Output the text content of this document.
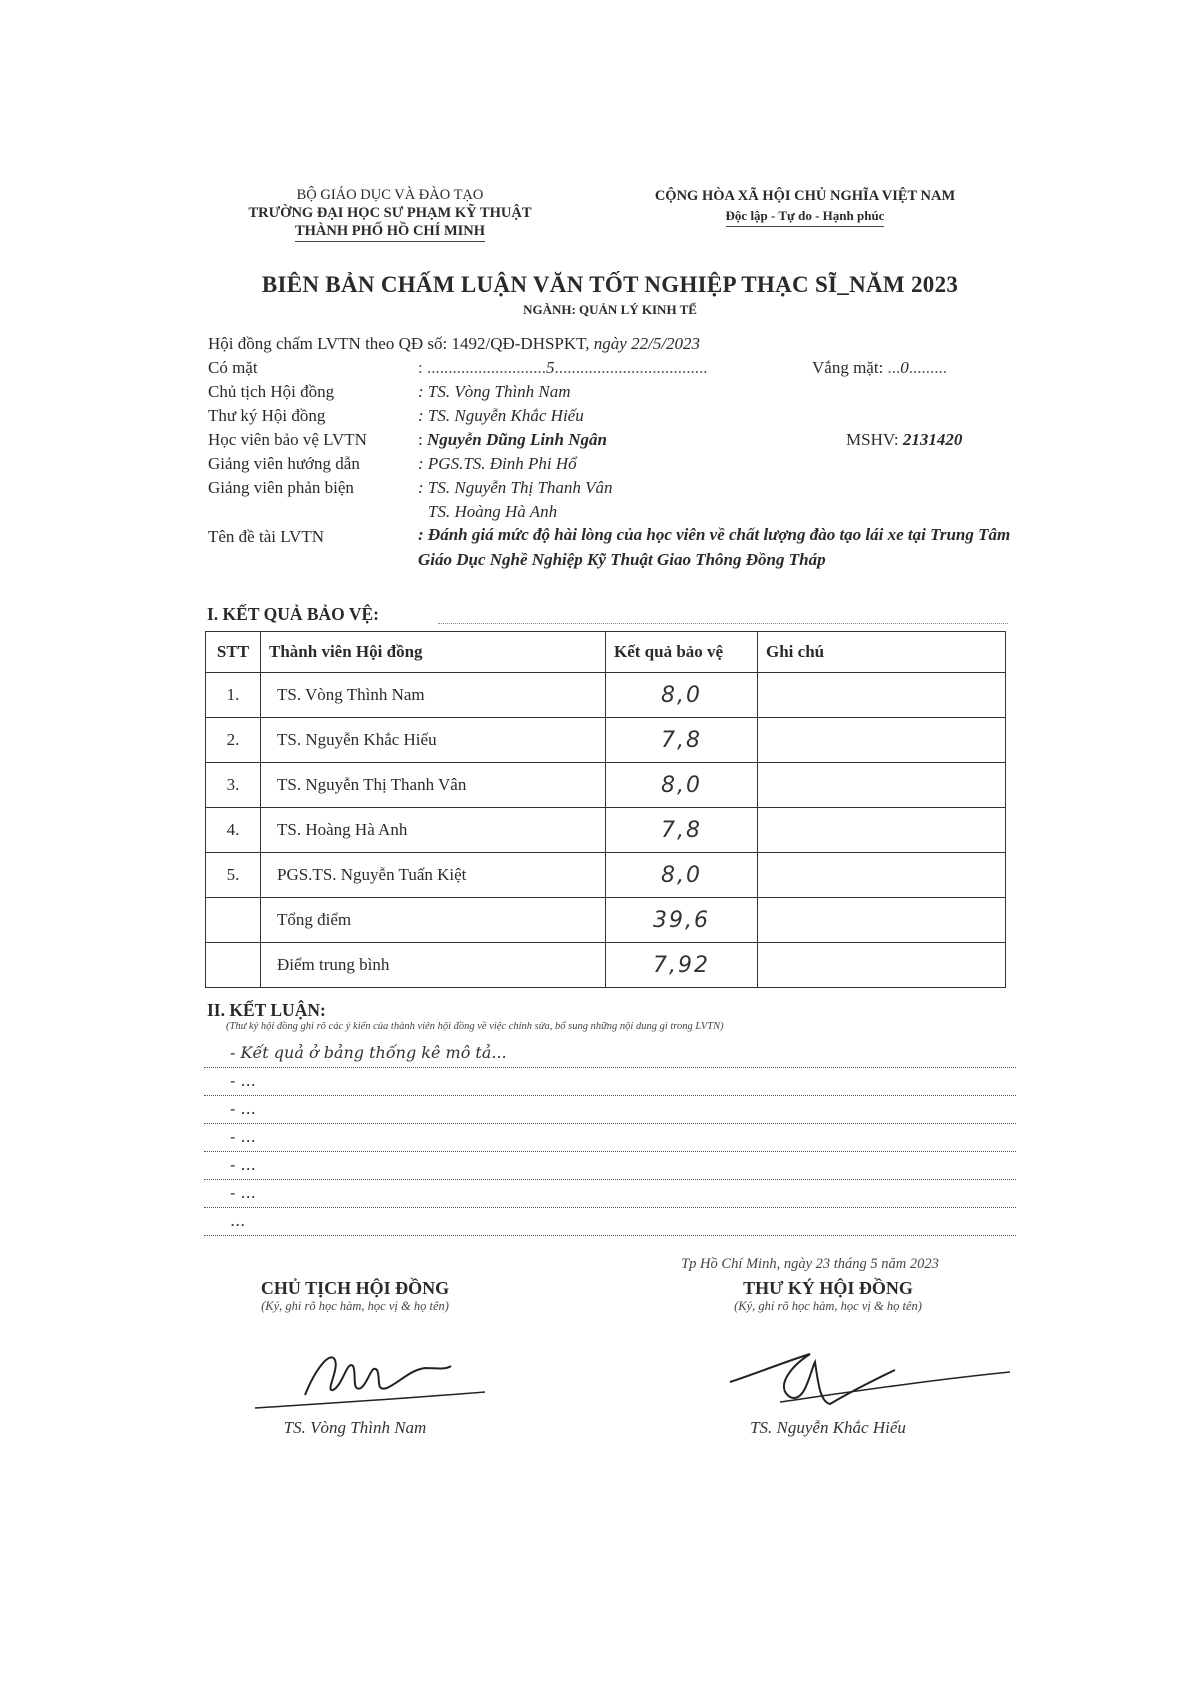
BỘ GIÁO DỤC VÀ ĐÀO TẠO
TRƯỜNG ĐẠI HỌC SƯ PHẠM KỸ THUẬT
THÀNH PHỐ HỒ CHÍ MINH
CỘNG HÒA XÃ HỘI CHỦ NGHĨA VIỆT NAM
Độc lập - Tự do - Hạnh phúc
BIÊN BẢN CHẤM LUẬN VĂN TỐT NGHIỆP THẠC SĨ_NĂM 2023
NGÀNH: QUẢN LÝ KINH TẾ
Hội đồng chấm LVTN theo QĐ số: 1492/QĐ-DHSPKT, ngày 22/5/2023
Có mặt	: ............................5....................................	Vắng mặt: ...0.........
Chủ tịch Hội đồng	: TS. Vòng Thình Nam
Thư ký Hội đồng	: TS. Nguyễn Khắc Hiếu
Học viên bảo vệ LVTN	: Nguyễn Dũng Linh Ngân	MSHV: 2131420
Giảng viên hướng dẫn	: PGS.TS. Đinh Phi Hổ
Giảng viên phản biện	: TS. Nguyễn Thị Thanh Vân
TS. Hoàng Hà Anh
Tên đề tài LVTN	: Đánh giá mức độ hài lòng của học viên về chất lượng đào tạo lái xe tại Trung Tâm Giáo Dục Nghề Nghiệp Kỹ Thuật Giao Thông Đồng Tháp
I. KẾT QUẢ BẢO VỆ:
STT	Thành viên Hội đồng	Kết quả bảo vệ	Ghi chú
1.	TS. Vòng Thình Nam	8,0	
2.	TS. Nguyễn Khắc Hiếu	7,8	
3.	TS. Nguyễn Thị Thanh Vân	8,0	
4.	TS. Hoàng Hà Anh	7,8	
5.	PGS.TS. Nguyễn Tuấn Kiệt	8,0	
	Tổng điểm	39,6	
	Điểm trung bình	7,92	
II. KẾT LUẬN:
(Thư ký hội đồng ghi rõ các ý kiến của thành viên hội đồng về việc chỉnh sửa, bổ sung những nội dung gì trong LVTN)
- Kết quả ở bảng thống kê mô tả...
- ...
- ...
- ...
- ...
- ...
...
Tp Hồ Chí Minh, ngày 23 tháng 5 năm 2023
CHỦ TỊCH HỘI ĐỒNG
(Ký, ghi rõ học hàm, học vị & họ tên)
TS. Vòng Thình Nam
THƯ KÝ HỘI ĐỒNG
(Ký, ghi rõ học hàm, học vị & họ tên)
TS. Nguyễn Khắc Hiếu
